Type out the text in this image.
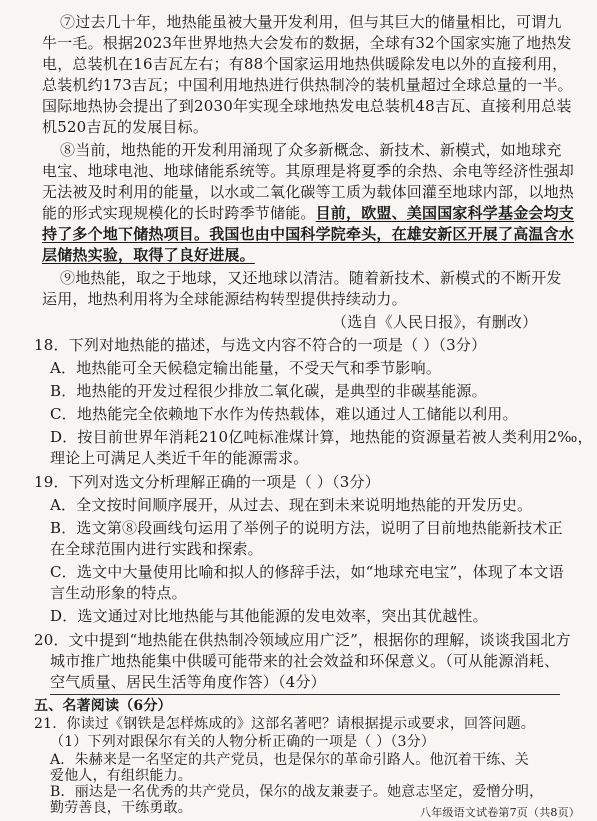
⑦过去几十年，地热能虽被大量开发利用，但与其巨大的储量相比，可谓九
牛一毛。根据2023年世界地热大会发布的数据，全球有32个国家实施了地热发
电，总装机在16吉瓦左右；有88个国家运用地热供暖除发电以外的直接利用，
总装机约173吉瓦；中国利用地热进行供热制冷的装机量超过全球总量的一半。
国际地热协会提出了到2030年实现全球地热发电总装机48吉瓦、直接利用总装
机520吉瓦的发展目标。
⑧当前，地热能的开发利用涌现了众多新概念、新技术、新模式，如地球充
电宝、地球电池、地球储能系统等。其原理是将夏季的余热、余电等经济性强却
无法被及时利用的能量，以水或二氧化碳等工质为载体回灌至地球内部，以地热
能的形式实现规模化的长时跨季节储能。目前，欧盟、美国国家科学基金会均支
持了多个地下储热项目。我国也由中国科学院牵头，在雄安新区开展了高温含水
层储热实验，取得了良好进展。
⑨地热能，取之于地球，又还地球以清洁。随着新技术、新模式的不断开发
运用，地热利用将为全球能源结构转型提供持续动力。
（选自《人民日报》，有删改）
18．下列对地热能的描述，与选文内容不符合的一项是（ ）（3分）
A．地热能可全天候稳定输出能量，不受天气和季节影响。
B．地热能的开发过程很少排放二氧化碳，是典型的非碳基能源。
C．地热能完全依赖地下水作为传热载体，难以通过人工储能以利用。
D．按目前世界年消耗210亿吨标准煤计算，地热能的资源量若被人类利用2‰，
理论上可满足人类近千年的能源需求。
19．下列对选文分析理解正确的一项是（ ）（3分）
A．全文按时间顺序展开，从过去、现在到未来说明地热能的开发历史。
B．选文第⑧段画线句运用了举例子的说明方法，说明了目前地热能新技术正
在全球范围内进行实践和探索。
C．选文中大量使用比喻和拟人的修辞手法，如“地球充电宝”，体现了本文语
言生动形象的特点。
D．选文通过对比地热能与其他能源的发电效率，突出其优越性。
20．文中提到“地热能在供热制冷领域应用广泛”，根据你的理解，谈谈我国北方
城市推广地热能集中供暖可能带来的社会效益和环保意义。（可从能源消耗、
空气质量、居民生活等角度作答）（4分）
五、名著阅读（6分）
21．你读过《钢铁是怎样炼成的》这部名著吧？请根据提示或要求，回答问题。
（1）下列对跟保尔有关的人物分析正确的一项是（ ）（3分）
A．朱赫来是一名坚定的共产党员，也是保尔的革命引路人。他沉着干练、关
爱他人，有组织能力。
B．丽达是一名优秀的共产党员，保尔的战友兼妻子。她意志坚定，爱憎分明，
勤劳善良，干练勇敢。	八年级语文试卷第7页（共8页）
